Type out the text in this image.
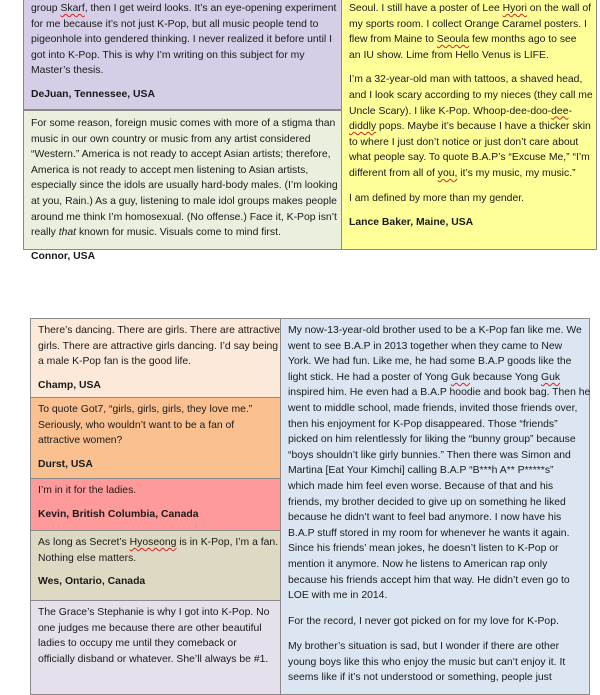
group Skarf, then I get weird looks. It’s an eye-opening experiment
for me because it’s not just K-Pop, but all music people tend to
pigeonhole into gendered thinking. I never realized it before until I
got into K-Pop. This is why I’m writing on this subject for my
Master’s thesis.
DeJuan, Tennessee, USA
For some reason, foreign music comes with more of a stigma than
music in our own country or music from any artist considered
“Western.” America is not ready to accept Asian artists; therefore,
America is not ready to accept men listening to Asian artists,
especially since the idols are usually hard-body males. (I’m looking
at you, Rain.) As a guy, listening to male idol groups makes people
around me think I’m homosexual. (No offense.) Face it, K-Pop isn’t
really that known for music. Visuals come to mind first.
Connor, USA
Seoul. I still have a poster of Lee Hyori on the wall of
my sports room. I collect Orange Caramel posters. I
flew from Maine to Seoula few months ago to see
an IU show. Lime from Hello Venus is LIFE.
I’m a 32-year-old man with tattoos, a shaved head,
and I look scary according to my nieces (they call me
Uncle Scary). I like K-Pop. Whoop-dee-doo-dee-
diddly pops. Maybe it’s because I have a thicker skin
to where I just don’t notice or just don’t care about
what people say. To quote B.A.P’s “Excuse Me,” “I’m
different from all of you, it’s my music, my music.”
I am defined by more than my gender.
Lance Baker, Maine, USA
There’s dancing. There are girls. There are attractive
girls. There are attractive girls dancing. I’d say being
a male K-Pop fan is the good life.
Champ, USA
To quote Got7, “girls, girls, girls, they love me.”
Seriously, who wouldn’t want to be a fan of
attractive women?
Durst, USA
I’m in it for the ladies.
Kevin, British Columbia, Canada
As long as Secret’s Hyoseong is in K-Pop, I’m a fan.
Nothing else matters.
Wes, Ontario, Canada
The Grace’s Stephanie is why I got into K-Pop. No
one judges me because there are other beautiful
ladies to occupy me until they comeback or
officially disband or whatever. She’ll always be #1.
My now-13-year-old brother used to be a K-Pop fan like me. We
went to see B.A.P in 2013 together when they came to New
York. We had fun. Like me, he had some B.A.P goods like the
light stick. He had a poster of Yong Guk because Yong Guk
inspired him. He even had a B.A.P hoodie and book bag. Then he
went to middle school, made friends, invited those friends over,
then his enjoyment for K-Pop disappeared. Those “friends”
picked on him relentlessly for liking the “bunny group” because
“boys shouldn’t like girly bunnies.” Then there was Simon and
Martina [Eat Your Kimchi] calling B.A.P “B***h A** P*****s”
which made him feel even worse. Because of that and his
friends, my brother decided to give up on something he liked
because he didn’t want to feel bad anymore. I now have his
B.A.P stuff stored in my room for whenever he wants it again.
Since his friends’ mean jokes, he doesn’t listen to K-Pop or
mention it anymore. Now he listens to American rap only
because his friends accept him that way. He didn’t even go to
LOE with me in 2014.
For the record, I never got picked on for my love for K-Pop.
My brother’s situation is sad, but I wonder if there are other
young boys like this who enjoy the music but can’t enjoy it. It
seems like if it’s not understood or something, people just
